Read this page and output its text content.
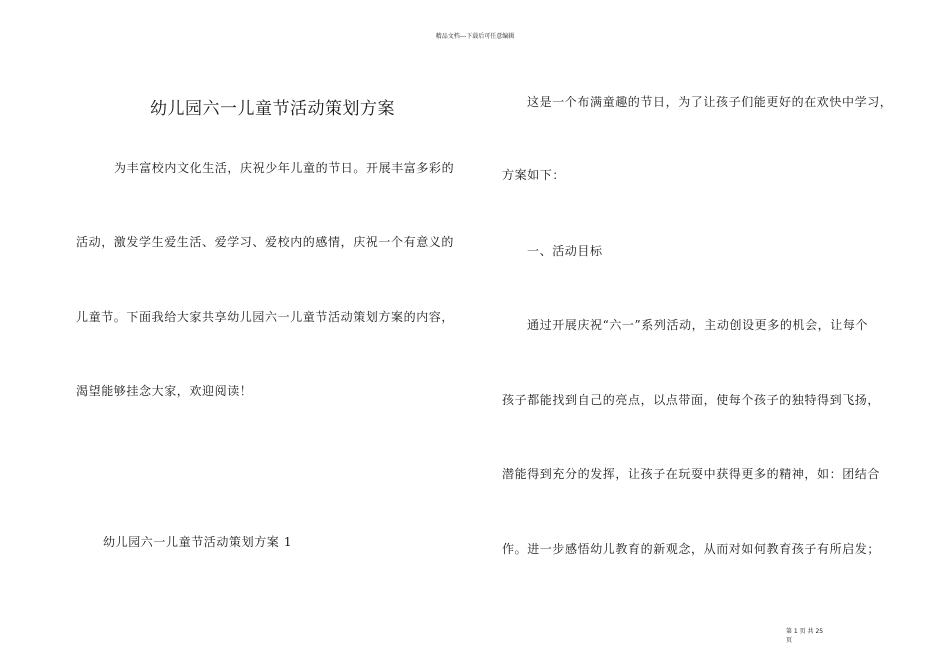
精品文档---下载后可任意编辑
幼儿园六一儿童节活动策划方案
为丰富校内文化生活，庆祝少年儿童的节日。开展丰富多彩的
活动，激发学生爱生活、爱学习、爱校内的感情，庆祝一个有意义的
儿童节。下面我给大家共享幼儿园六一儿童节活动策划方案的内容，
渴望能够挂念大家，欢迎阅读！
幼儿园六一儿童节活动策划方案 1
这是一个布满童趣的节日，为了让孩子们能更好的在欢快中学习，
方案如下：
一、活动目标
通过开展庆祝“六一”系列活动，主动创设更多的机会，让每个
孩子都能找到自己的亮点，以点带面，使每个孩子的独特得到飞扬，
潜能得到充分的发挥，让孩子在玩耍中获得更多的精神，如：团结合
作。进一步感悟幼儿教育的新观念，从而对如何教育孩子有所启发；
第 1 页 共 25 页
